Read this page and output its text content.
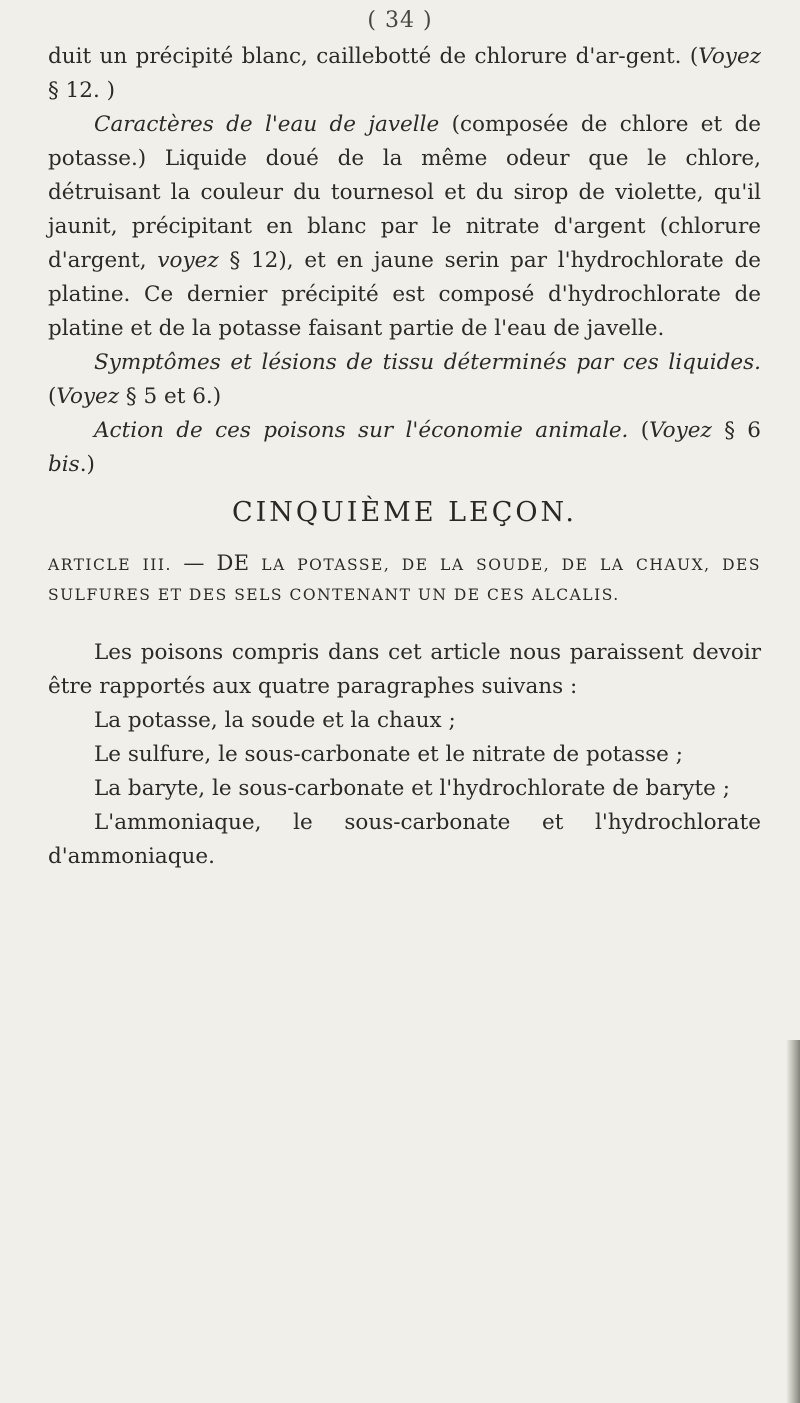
( 34 )

duit un précipité blanc, caillebotté de chlorure d'ar-gent. (Voyez § 12. )

Caractères de l'eau de javelle (composée de chlore et de potasse.) Liquide doué de la même odeur que le chlore, détruisant la couleur du tournesol et du sirop de violette, qu'il jaunit, précipitant en blanc par le nitrate d'argent (chlorure d'argent, voyez § 12), et en jaune serin par l'hydrochlorate de platine. Ce dernier précipité est composé d'hydrochlorate de platine et de la potasse faisant partie de l'eau de javelle.

Symptômes et lésions de tissu déterminés par ces liquides. (Voyez § 5 et 6.)

Action de ces poisons sur l'économie animale. (Voyez § 6 bis.)

CINQUIÈME LEÇON.
ARTICLE III. — DE LA POTASSE, DE LA SOUDE, DE LA CHAUX, DES SULFURES ET DES SELS CONTENANT UN DE CES ALCALIS.

Les poisons compris dans cet article nous paraissent devoir être rapportés aux quatre paragraphes suivans :

La potasse, la soude et la chaux ;

Le sulfure, le sous-carbonate et le nitrate de potasse ;

La baryte, le sous-carbonate et l'hydrochlorate de baryte ;

L'ammoniaque, le sous-carbonate et l'hydrochlorate d'ammoniaque.
